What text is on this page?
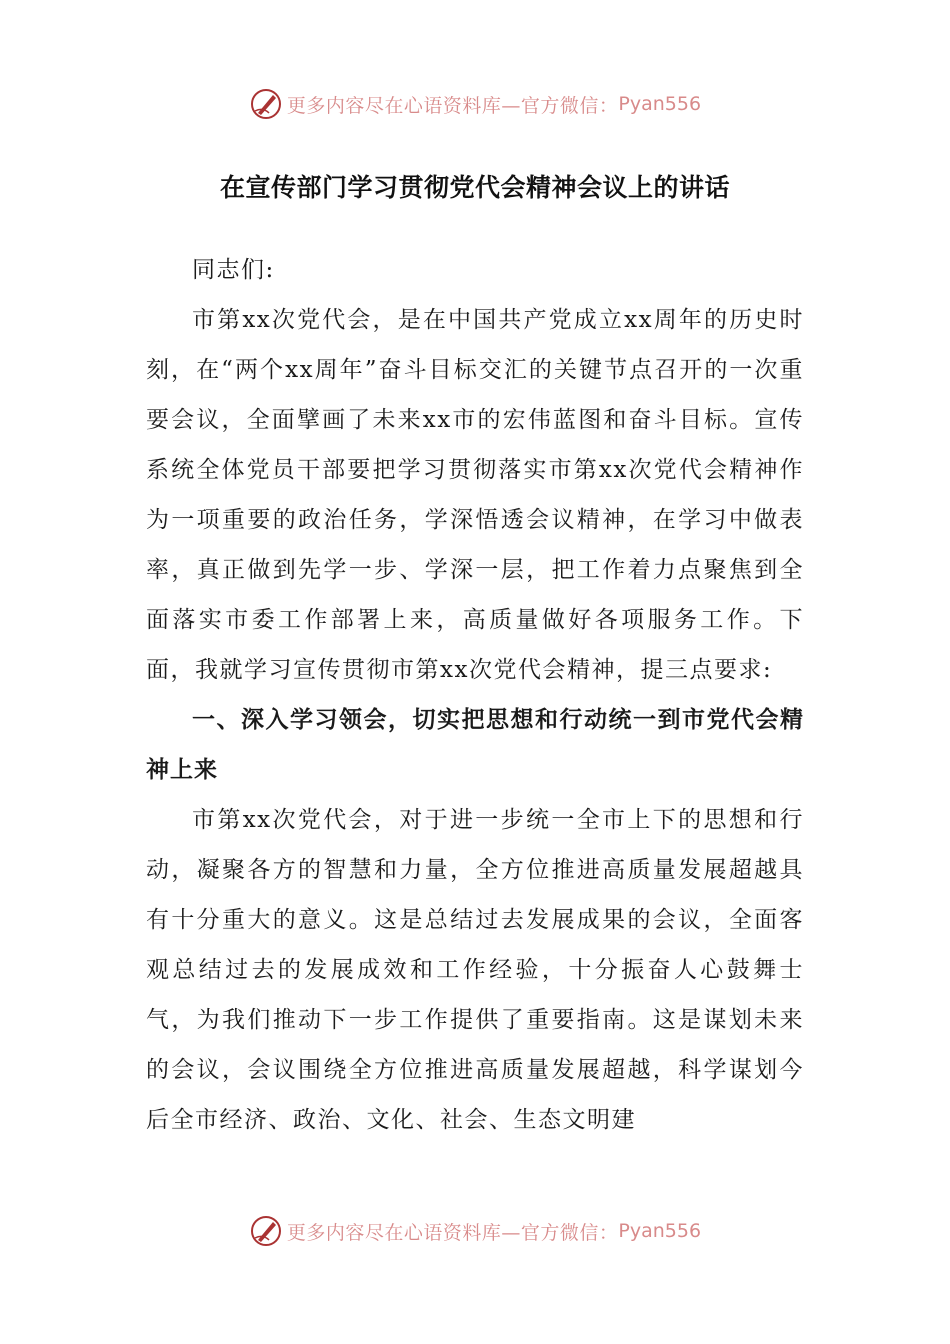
更多内容尽在心语资料库—官方微信： Pyan556
在宣传部门学习贯彻党代会精神会议上的讲话

同志们:

市第xx次党代会，是在中国共产党成立xx周年的历史时刻，在“两个xx周年”奋斗目标交汇的关键节点召开的一次重要会议，全面擘画了未来xx市的宏伟蓝图和奋斗目标。宣传系统全体党员干部要把学习贯彻落实市第xx次党代会精神作为一项重要的政治任务，学深悟透会议精神，在学习中做表率，真正做到先学一步、学深一层，把工作着力点聚焦到全面落实市委工作部署上来，高质量做好各项服务工作。下面，我就学习宣传贯彻市第xx次党代会精神，提三点要求:

一、深入学习领会，切实把思想和行动统一到市党代会精神上来

市第xx次党代会，对于进一步统一全市上下的思想和行动，凝聚各方的智慧和力量，全方位推进高质量发展超越具有十分重大的意义。这是总结过去发展成果的会议，全面客观总结过去的发展成效和工作经验，十分振奋人心鼓舞士气，为我们推动下一步工作提供了重要指南。这是谋划未来的会议，会议围绕全方位推进高质量发展超越，科学谋划今后全市经济、政治、文化、社会、生态文明建

更多内容尽在心语资料库—官方微信： Pyan556
